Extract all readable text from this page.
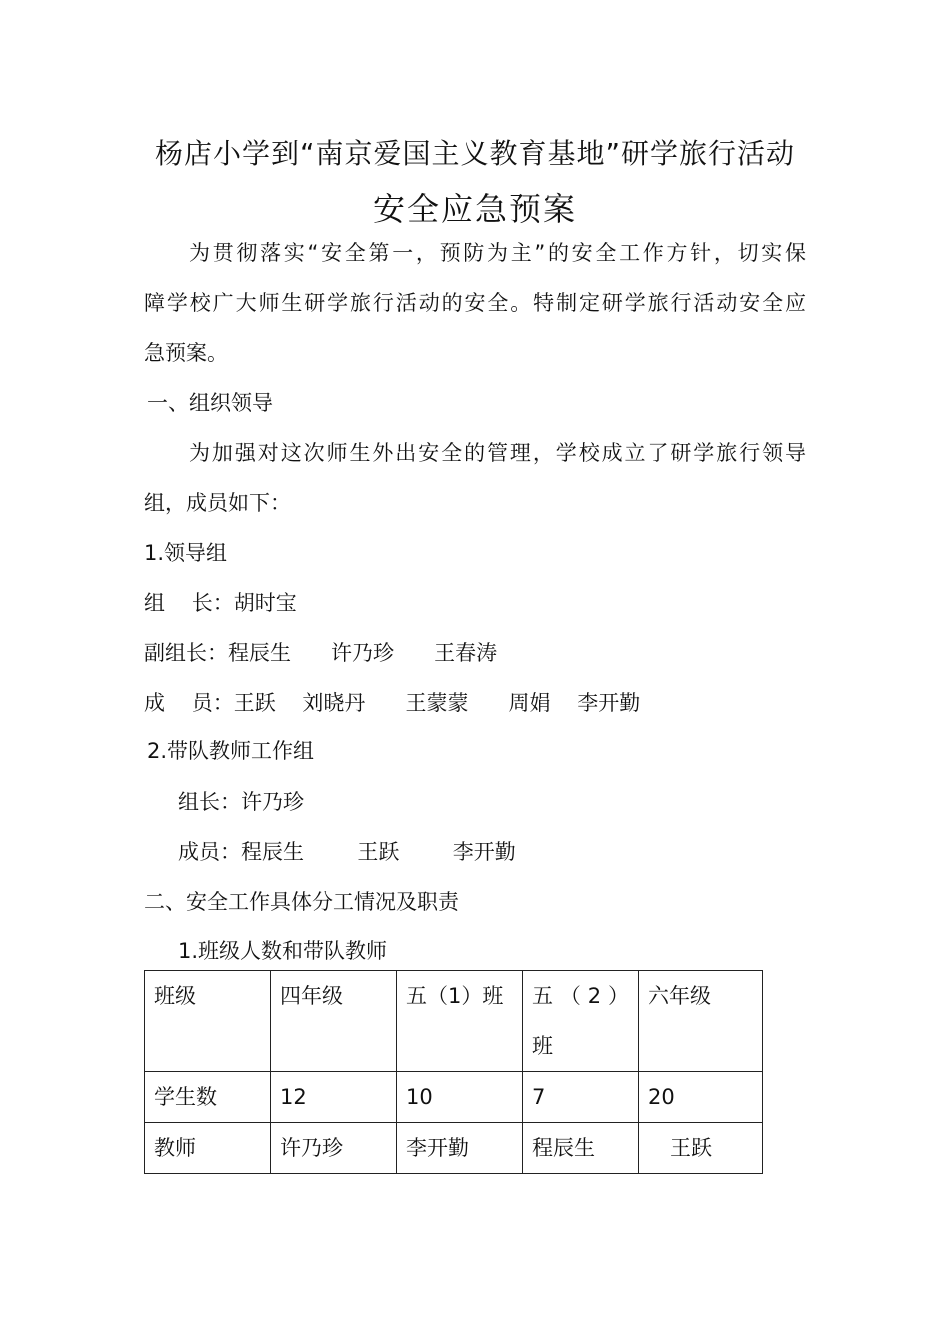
杨店小学到“南京爱国主义教育基地”研学旅行活动
安全应急预案
为贯彻落实“安全第一，预防为主”的安全工作方针，切实保
障学校广大师生研学旅行活动的安全。特制定研学旅行活动安全应
急预案。
一、组织领导
为加强对这次师生外出安全的管理，学校成立了研学旅行领导
组，成员如下：
1.领导组
组    长：胡时宝
副组长：程辰生      许乃珍      王春涛
成    员：王跃    刘晓丹      王蒙蒙      周娟    李开勤
2.带队教师工作组
组长：许乃珍
成员：程辰生        王跃        李开勤
二、安全工作具体分工情况及职责
1.班级人数和带队教师
班级	四年级	五（1）班	五（2）班	六年级
学生数	12	10	7	20
教师	许乃珍	李开勤	程辰生	王跃
